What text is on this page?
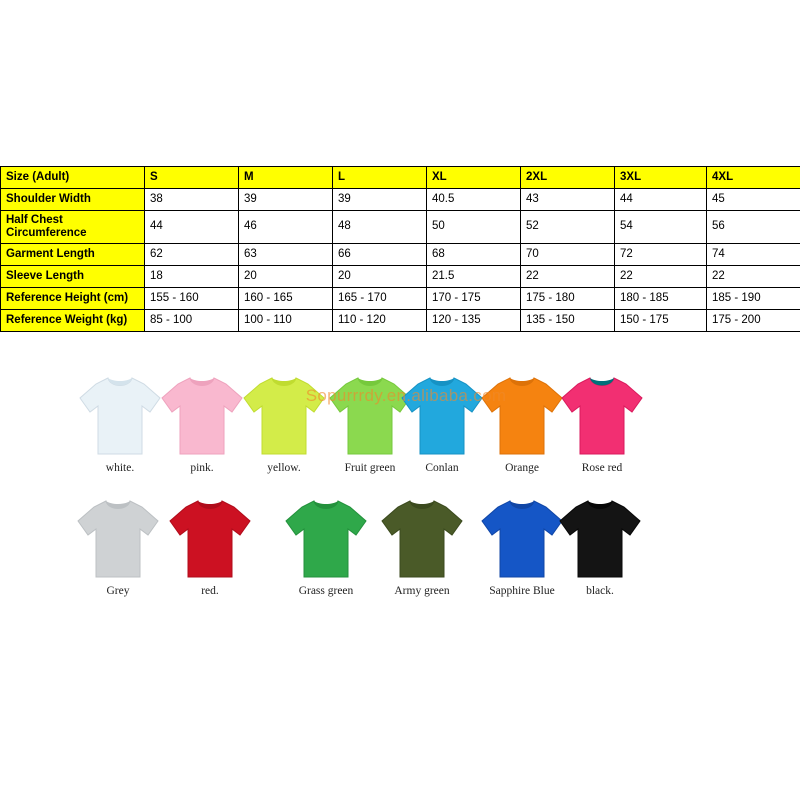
Size (Adult)	S	M	L	XL	2XL	3XL	4XL
Shoulder Width	38	39	39	40.5	43	44	45
Half Chest Circumference	44	46	48	50	52	54	56
Garment Length	62	63	66	68	70	72	74
Sleeve Length	18	20	20	21.5	22	22	22
Reference Height (cm)	155 - 160	160 - 165	165 - 170	170 - 175	175 - 180	180 - 185	185 - 190
Reference Weight (kg)	85 - 100	100 - 110	110 - 120	120 - 135	135 - 150	150 - 175	175 - 200
white.	pink.	yellow.	Fruit green	Conlan	Orange	Rose red
Grey	red.	Grass green	Army green	Sapphire Blue	black.
Sopurrrdy.en.alibaba.com
